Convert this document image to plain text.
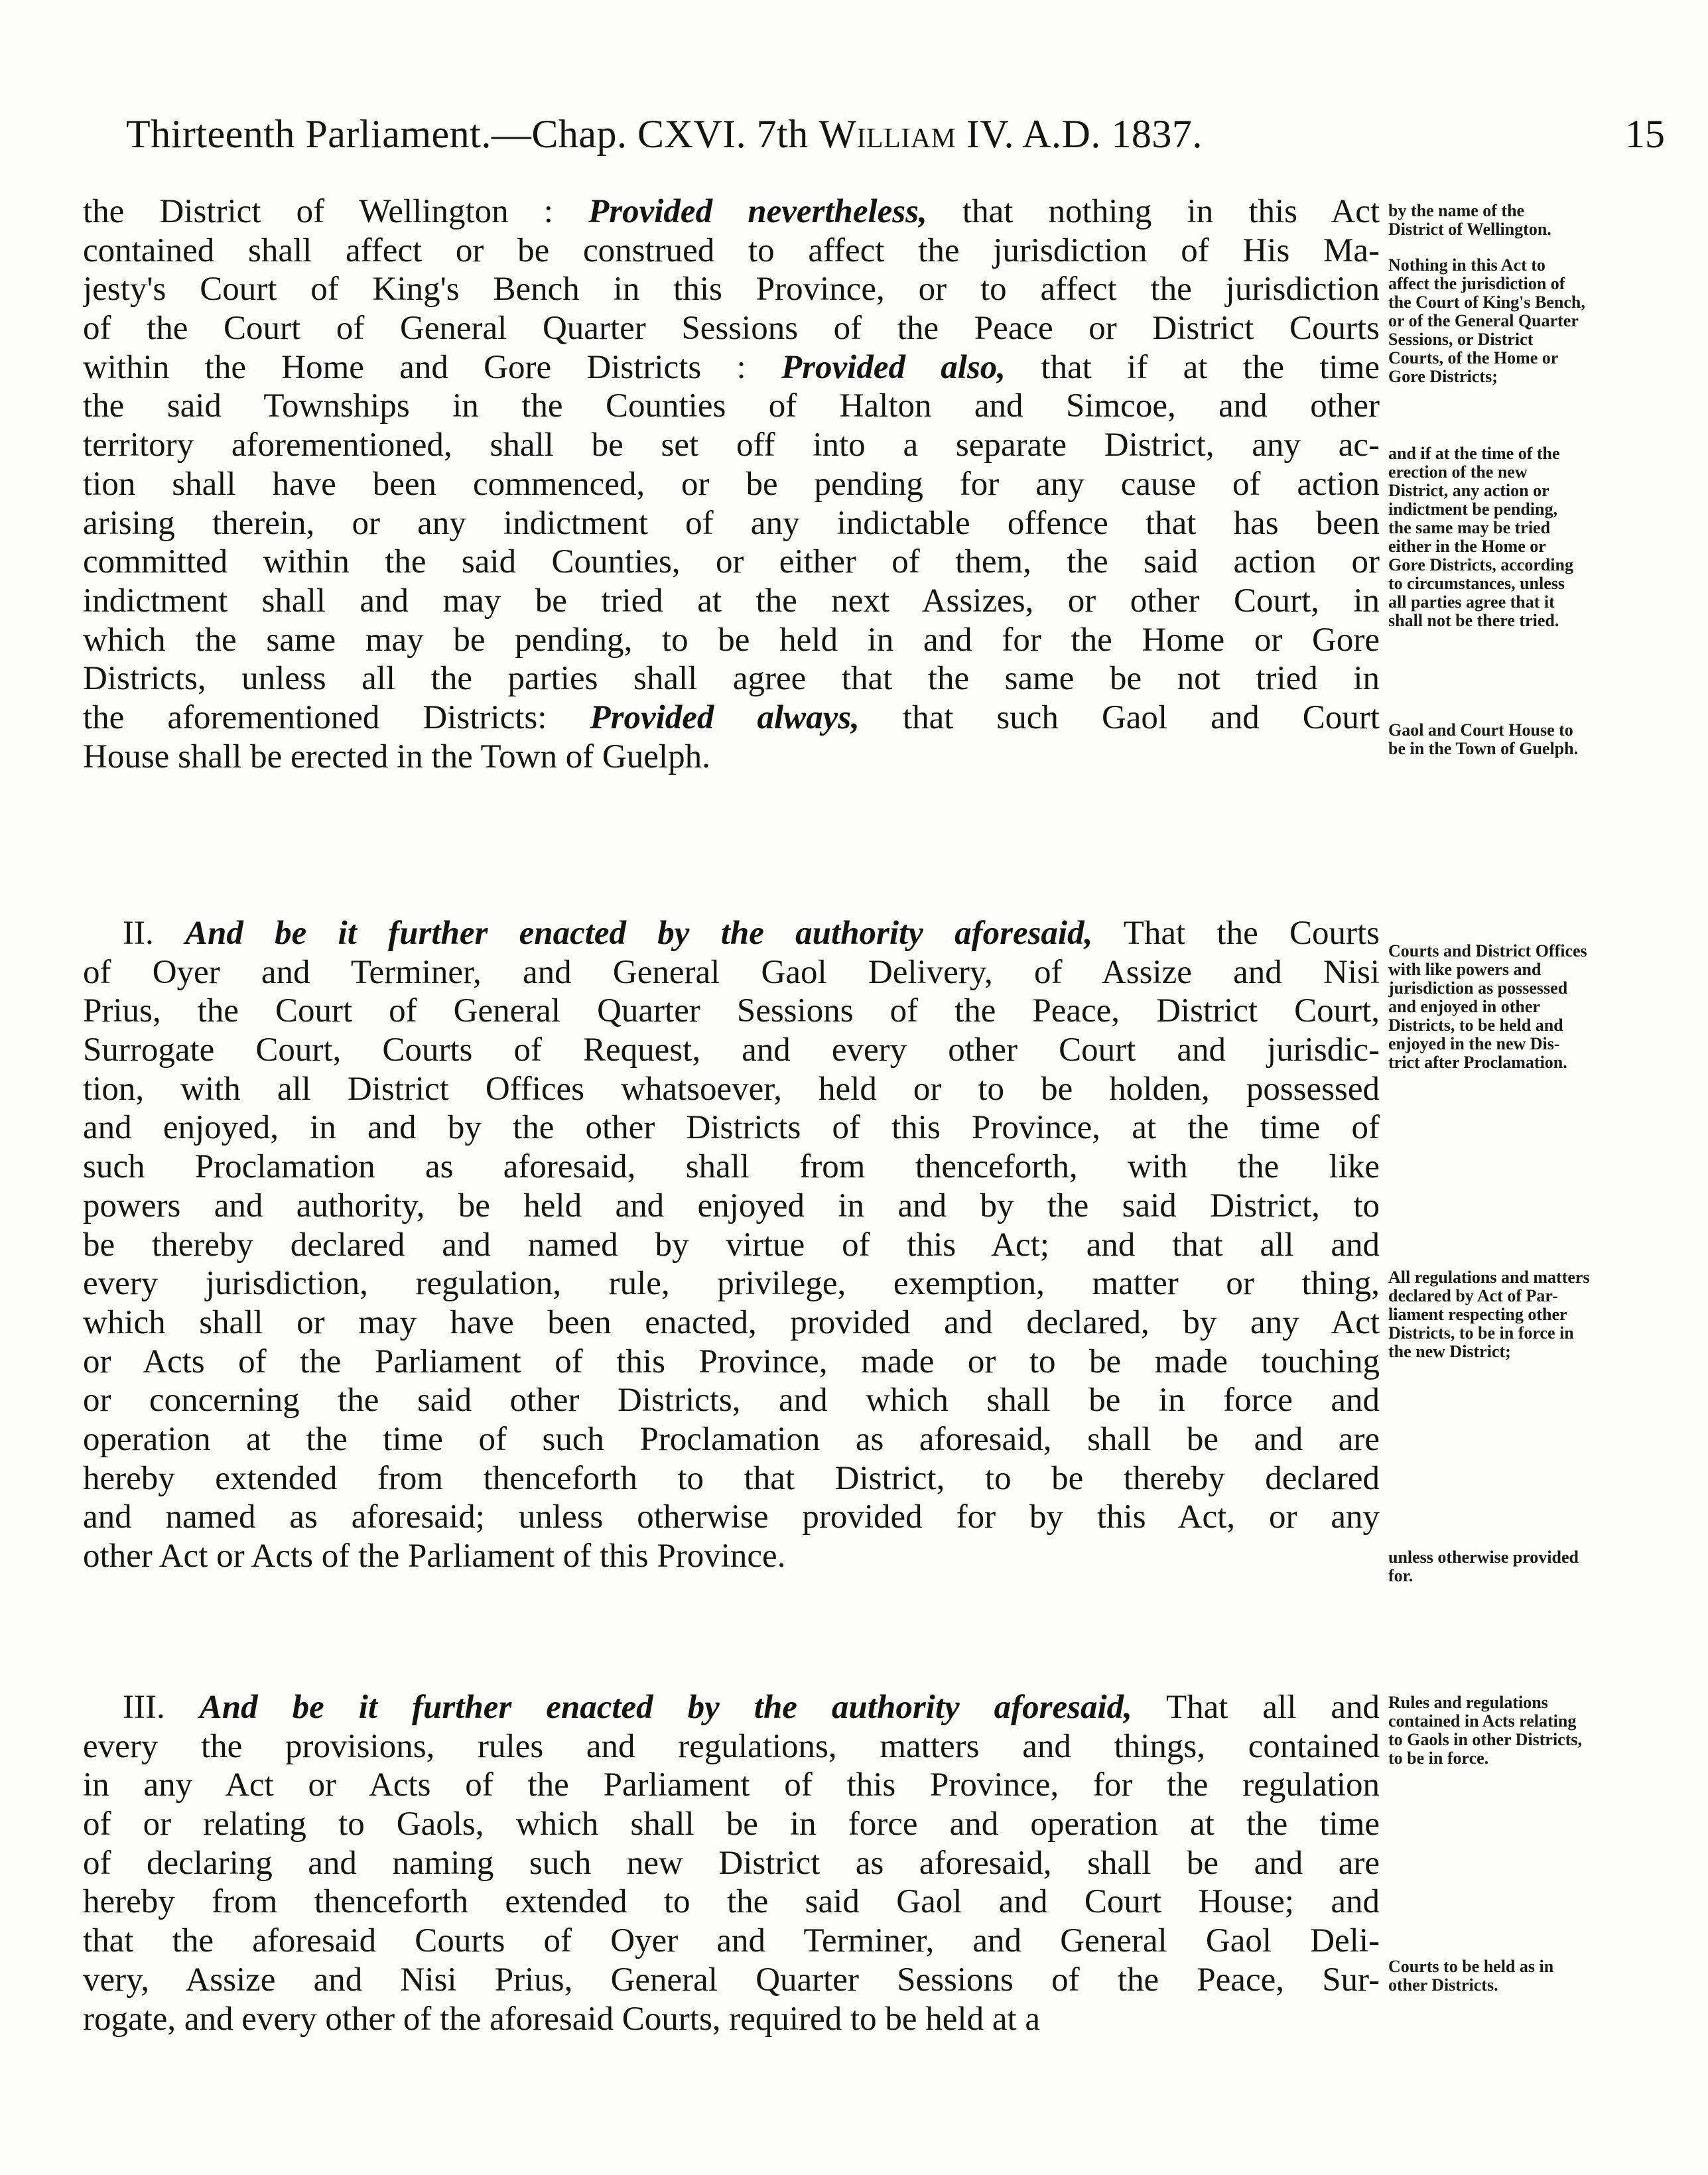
Thirteenth Parliament.—Chap. CXVI. 7th William IV. A.D. 1837.	15
the District of Wellington : Provided nevertheless, that nothing in this Act
contained shall affect or be construed to affect the jurisdiction of His Ma-
jesty's Court of King's Bench in this Province, or to affect the jurisdiction
of the Court of General Quarter Sessions of the Peace or District Courts
within the Home and Gore Districts : Provided also, that if at the time
the said Townships in the Counties of Halton and Simcoe, and other
territory aforementioned, shall be set off into a separate District, any ac-
tion shall have been commenced, or be pending for any cause of action
arising therein, or any indictment of any indictable offence that has been
committed within the said Counties, or either of them, the said action or
indictment shall and may be tried at the next Assizes, or other Court, in
which the same may be pending, to be held in and for the Home or Gore
Districts, unless all the parties shall agree that the same be not tried in
the aforementioned Districts: Provided always, that such Gaol and Court
House shall be erected in the Town of Guelph.
II. And be it further enacted by the authority aforesaid, That the Courts
of Oyer and Terminer, and General Gaol Delivery, of Assize and Nisi
Prius, the Court of General Quarter Sessions of the Peace, District Court,
Surrogate Court, Courts of Request, and every other Court and jurisdic-
tion, with all District Offices whatsoever, held or to be holden, possessed
and enjoyed, in and by the other Districts of this Province, at the time of
such Proclamation as aforesaid, shall from thenceforth, with the like
powers and authority, be held and enjoyed in and by the said District, to
be thereby declared and named by virtue of this Act; and that all and
every jurisdiction, regulation, rule, privilege, exemption, matter or thing,
which shall or may have been enacted, provided and declared, by any Act
or Acts of the Parliament of this Province, made or to be made touching
or concerning the said other Districts, and which shall be in force and
operation at the time of such Proclamation as aforesaid, shall be and are
hereby extended from thenceforth to that District, to be thereby declared
and named as aforesaid; unless otherwise provided for by this Act, or any
other Act or Acts of the Parliament of this Province.
III. And be it further enacted by the authority aforesaid, That all and
every the provisions, rules and regulations, matters and things, contained
in any Act or Acts of the Parliament of this Province, for the regulation
of or relating to Gaols, which shall be in force and operation at the time
of declaring and naming such new District as aforesaid, shall be and are
hereby from thenceforth extended to the said Gaol and Court House; and
that the aforesaid Courts of Oyer and Terminer, and General Gaol Deli-
very, Assize and Nisi Prius, General Quarter Sessions of the Peace, Sur-
rogate, and every other of the aforesaid Courts, required to be held at a
by the name of the
District of Wellington.
Nothing in this Act to
affect the jurisdiction of
the Court of King's Bench,
or of the General Quarter
Sessions, or District
Courts, of the Home or
Gore Districts;
and if at the time of the
erection of the new
District, any action or
indictment be pending,
the same may be tried
either in the Home or
Gore Districts, according
to circumstances, unless
all parties agree that it
shall not be there tried.
Gaol and Court House to
be in the Town of Guelph.
Courts and District Offices
with like powers and
jurisdiction as possessed
and enjoyed in other
Districts, to be held and
enjoyed in the new Dis-
trict after Proclamation.
All regulations and matters
declared by Act of Par-
liament respecting other
Districts, to be in force in
the new District;
unless otherwise provided
for.
Rules and regulations
contained in Acts relating
to Gaols in other Districts,
to be in force.
Courts to be held as in
other Districts.
